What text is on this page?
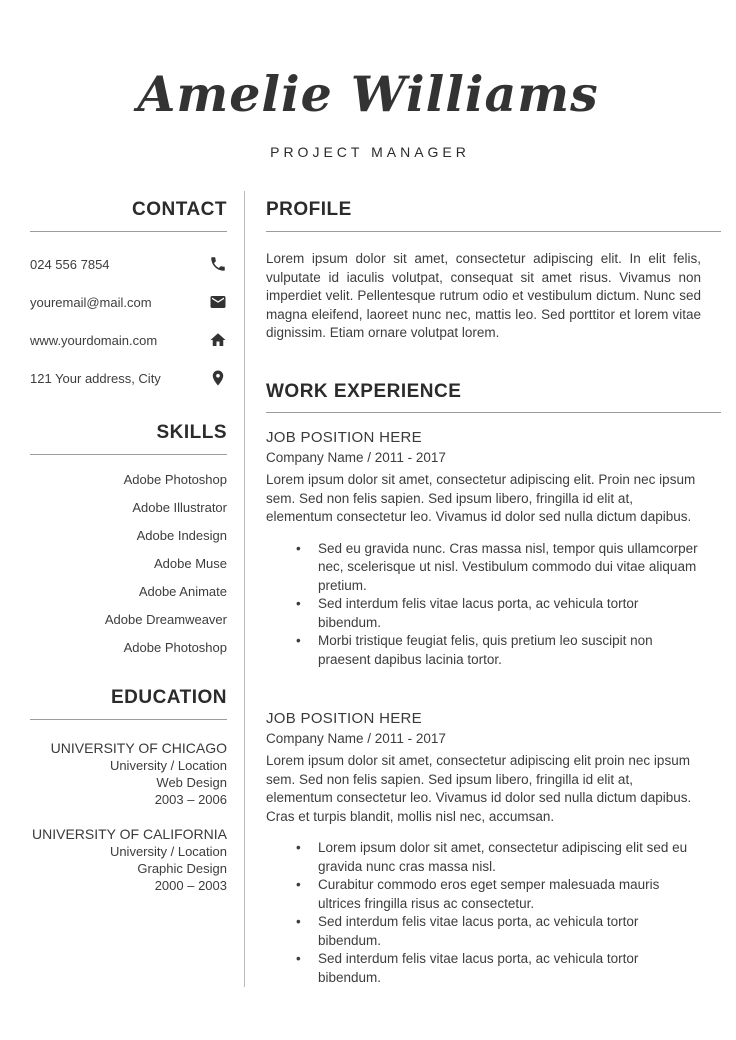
Amelie Williams
PROJECT MANAGER
CONTACT
024 556 7854
youremail@mail.com
www.yourdomain.com
121 Your address, City
SKILLS
Adobe Photoshop
Adobe Illustrator
Adobe Indesign
Adobe Muse
Adobe Animate
Adobe Dreamweaver
Adobe Photoshop
EDUCATION
UNIVERSITY OF CHICAGO
University / Location
Web Design
2003 – 2006
UNIVERSITY OF CALIFORNIA
University / Location
Graphic Design
2000 – 2003
PROFILE

Lorem ipsum dolor sit amet, consectetur adipiscing elit. In elit felis, vulputate id iaculis volutpat, consequat sit amet risus. Vivamus non imperdiet velit. Pellentesque rutrum odio et vestibulum dictum. Nunc sed magna eleifend, laoreet nunc nec, mattis leo. Sed porttitor et lorem vitae dignissim. Etiam ornare volutpat lorem.

WORK EXPERIENCE
JOB POSITION HERE
Company Name / 2011 - 2017
Lorem ipsum dolor sit amet, consectetur adipiscing elit. Proin nec ipsum sem. Sed non felis sapien. Sed ipsum libero, fringilla id elit at, elementum consectetur leo. Vivamus id dolor sed nulla dictum dapibus.
• Sed eu gravida nunc. Cras massa nisl, tempor quis ullamcorper nec, scelerisque ut nisl. Vestibulum commodo dui vitae aliquam pretium.
• Sed interdum felis vitae lacus porta, ac vehicula tortor bibendum.
• Morbi tristique feugiat felis, quis pretium leo suscipit non praesent dapibus lacinia tortor.
JOB POSITION HERE
Company Name / 2011 - 2017
Lorem ipsum dolor sit amet, consectetur adipiscing elit proin nec ipsum sem. Sed non felis sapien. Sed ipsum libero, fringilla id elit at, elementum consectetur leo. Vivamus id dolor sed nulla dictum dapibus. Cras et turpis blandit, mollis nisl nec, accumsan.
• Lorem ipsum dolor sit amet, consectetur adipiscing elit sed eu gravida nunc cras massa nisl.
• Curabitur commodo eros eget semper malesuada mauris ultrices fringilla risus ac consectetur.
• Sed interdum felis vitae lacus porta, ac vehicula tortor bibendum.
• Sed interdum felis vitae lacus porta, ac vehicula tortor bibendum.
